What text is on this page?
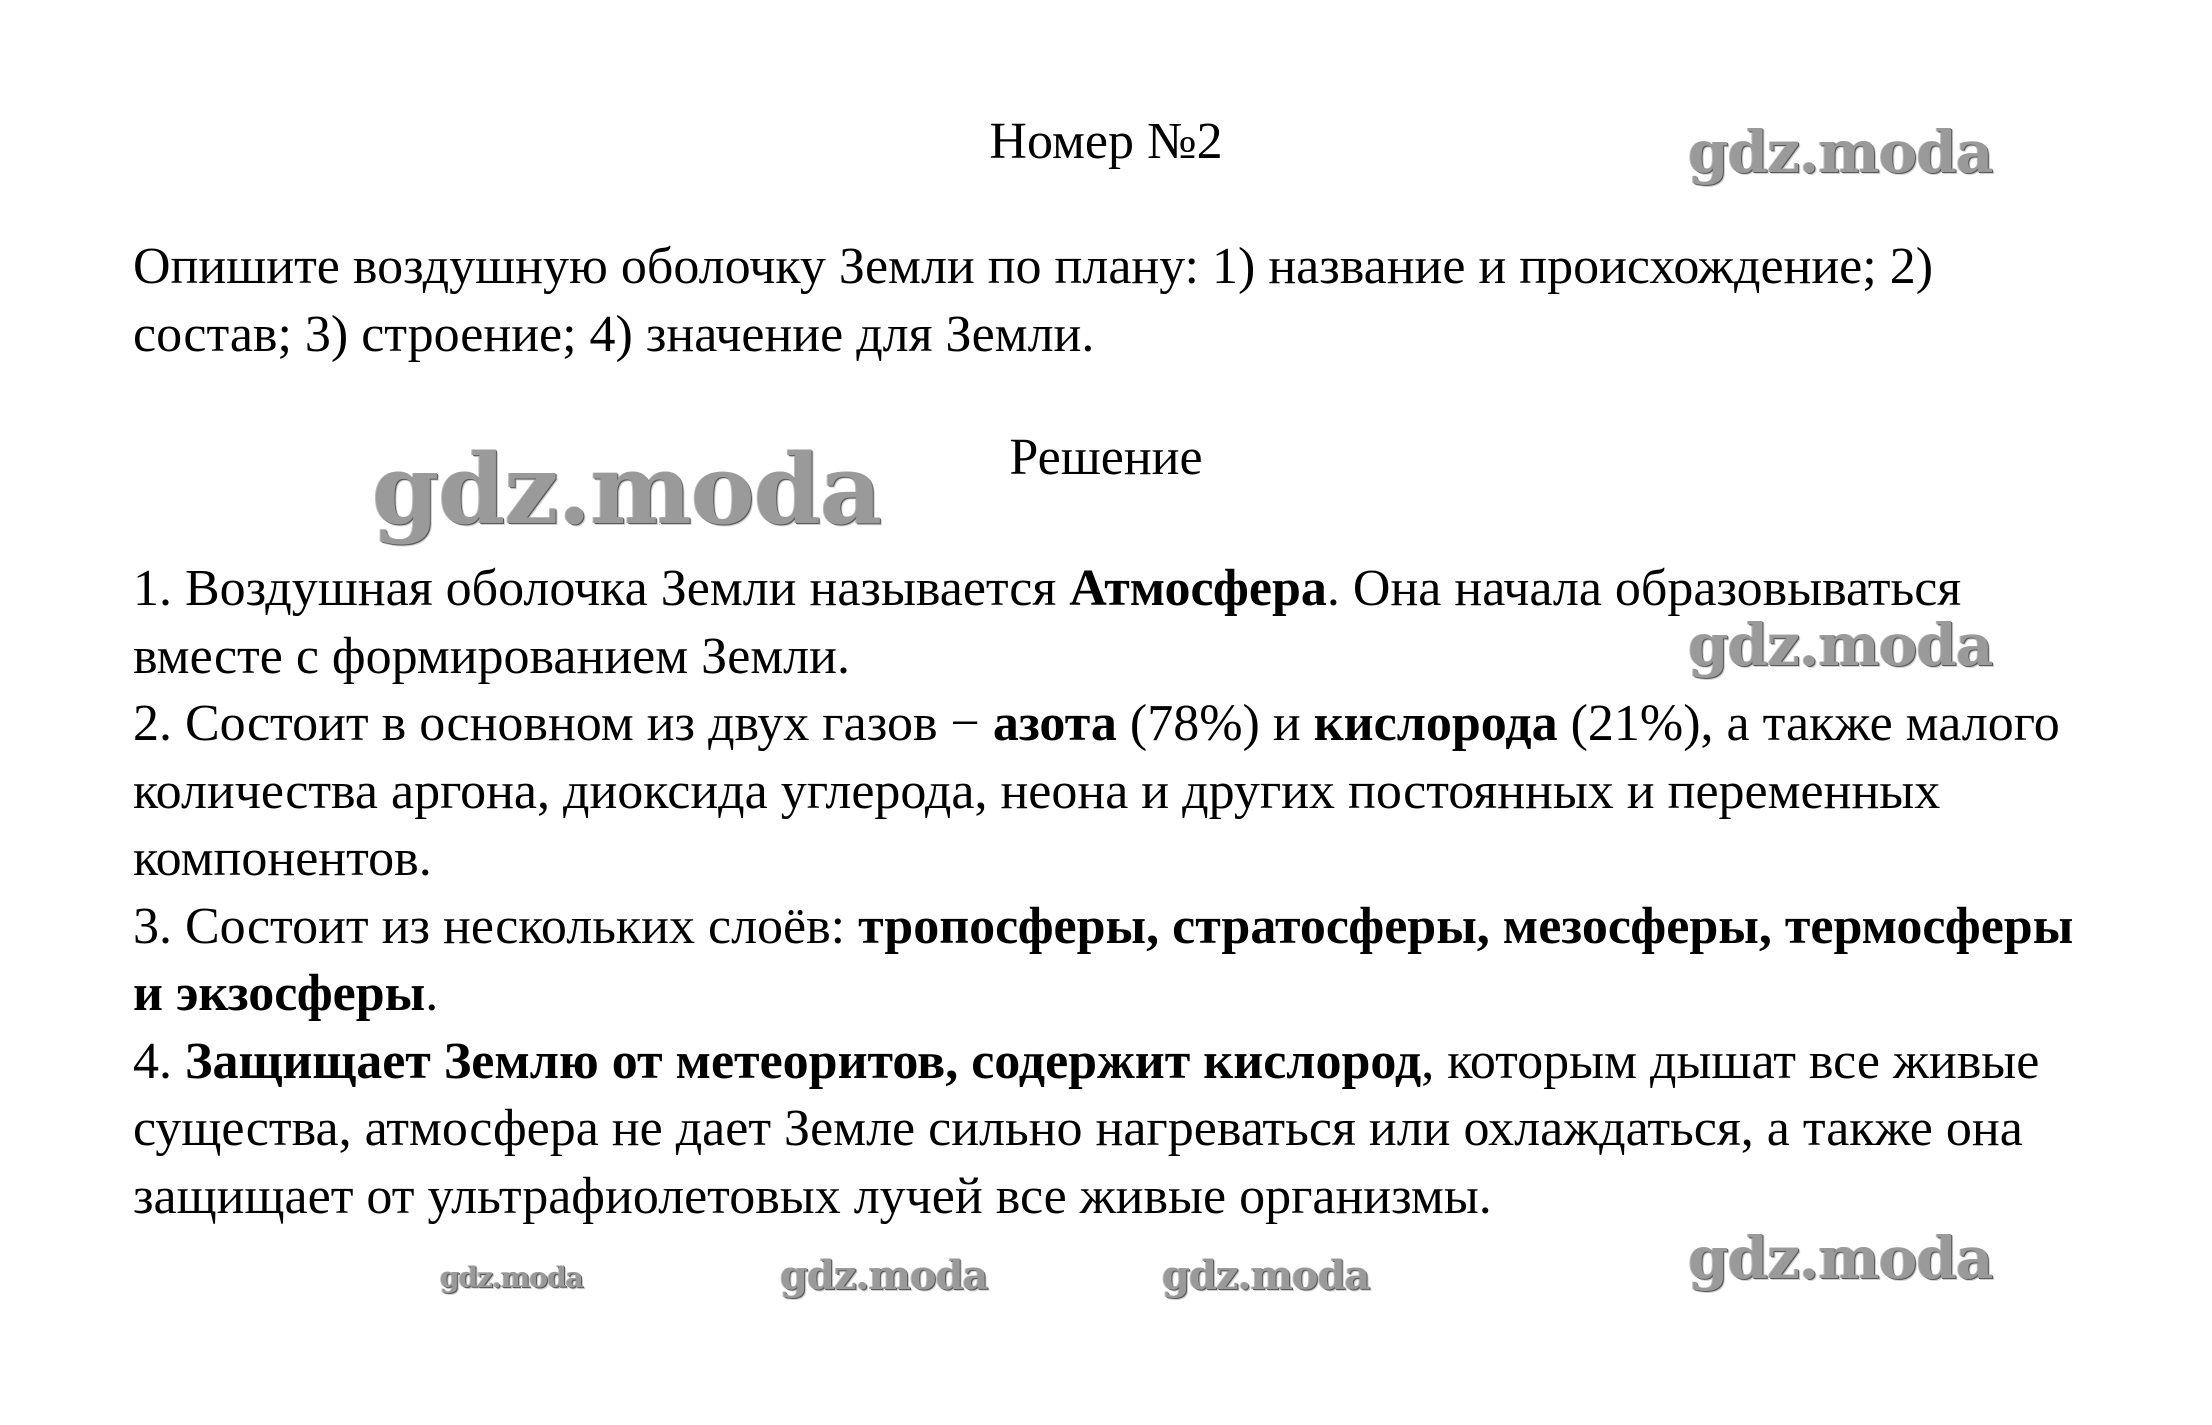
Номер №2

Опишите воздушную оболочку Земли по плану: 1) название и происхождение; 2) состав; 3) строение; 4) значение для Земли.

Решение

1. Воздушная оболочка Земли называется Атмосфера. Она начала образовываться вместе с формированием Земли.

2. Состоит в основном из двух газов − азота (78%) и кислорода (21%), а также малого количества аргона, диоксида углерода, неона и других постоянных и переменных компонентов.

3. Состоит из нескольких слоёв: тропосферы, стратосферы, мезосферы, термосферы и экзосферы.

4. Защищает Землю от метеоритов, содержит кислород, которым дышат все живые существа, атмосфера не дает Земле сильно нагреваться или охлаждаться, а также она защищает от ультрафиолетовых лучей все живые организмы.

gdz.moda
gdz.moda
gdz.moda
gdz.moda
gdz.moda	gdz.moda	gdz.moda
